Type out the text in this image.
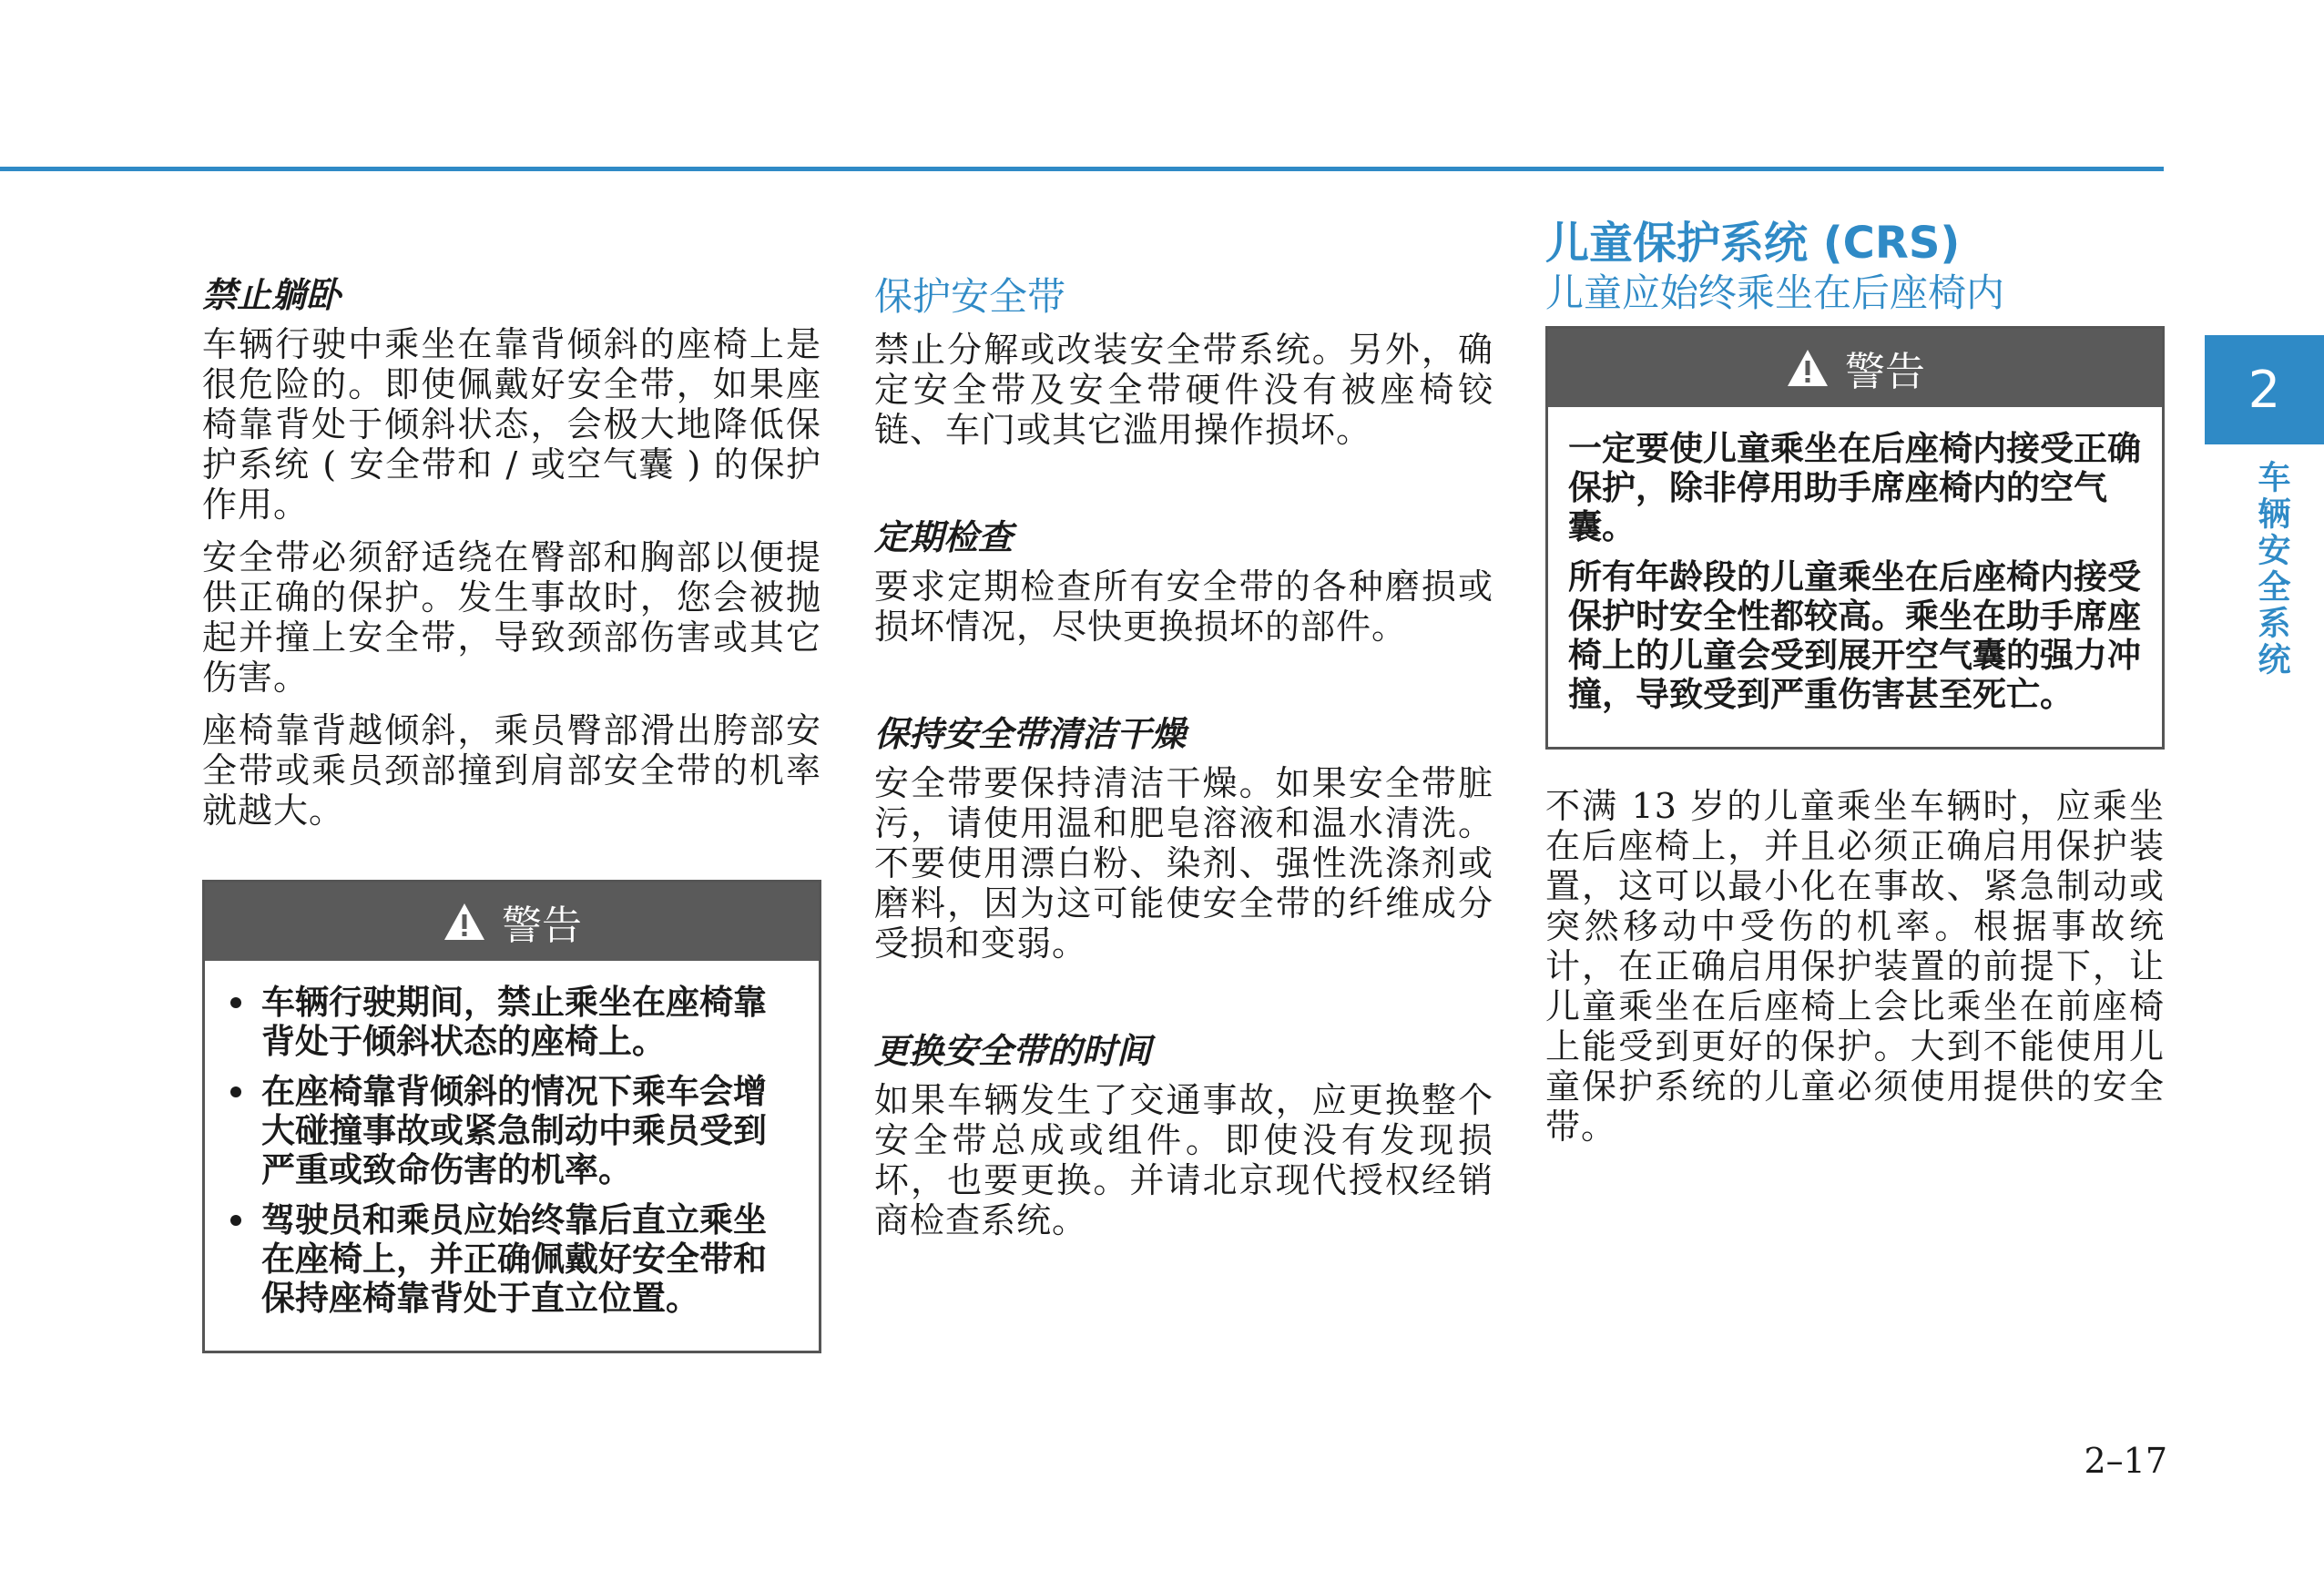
禁止躺卧

车辆行驶中乘坐在靠背倾斜的座椅上是很危险的。即使佩戴好安全带，如果座椅靠背处于倾斜状态，会极大地降低保护系统 ( 安全带和 / 或空气囊 ) 的保护作用。

安全带必须舒适绕在臀部和胸部以便提供正确的保护。发生事故时，您会被抛起并撞上安全带，导致颈部伤害或其它伤害。

座椅靠背越倾斜，乘员臀部滑出胯部安全带或乘员颈部撞到肩部安全带的机率就越大。

警告
车辆行驶期间，禁止乘坐在座椅靠背处于倾斜状态的座椅上。
在座椅靠背倾斜的情况下乘车会增大碰撞事故或紧急制动中乘员受到严重或致命伤害的机率。
驾驶员和乘员应始终靠后直立乘坐在座椅上，并正确佩戴好安全带和保持座椅靠背处于直立位置。
保护安全带

禁止分解或改装安全带系统。另外，确定安全带及安全带硬件没有被座椅铰链、车门或其它滥用操作损坏。

定期检查

要求定期检查所有安全带的各种磨损或损坏情况，尽快更换损坏的部件。

保持安全带清洁干燥

安全带要保持清洁干燥。如果安全带脏污，请使用温和肥皂溶液和温水清洗。不要使用漂白粉、染剂、强性洗涤剂或磨料，因为这可能使安全带的纤维成分受损和变弱。

更换安全带的时间

如果车辆发生了交通事故，应更换整个安全带总成或组件。即使没有发现损坏，也要更换。并请北京现代授权经销商检查系统。

儿童保护系统 (CRS)
儿童应始终乘坐在后座椅内
警告

一定要使儿童乘坐在后座椅内接受正确保护，除非停用助手席座椅内的空气囊。

所有年龄段的儿童乘坐在后座椅内接受保护时安全性都较高。乘坐在助手席座椅上的儿童会受到展开空气囊的强力冲撞，导致受到严重伤害甚至死亡。

不满 13 岁的儿童乘坐车辆时，应乘坐在后座椅上，并且必须正确启用保护装置，这可以最小化在事故、紧急制动或突然移动中受伤的机率。根据事故统计，在正确启用保护装置的前提下，让儿童乘坐在后座椅上会比乘坐在前座椅上能受到更好的保护。大到不能使用儿童保护系统的儿童必须使用提供的安全带。

2
车辆安全系统
2–17
